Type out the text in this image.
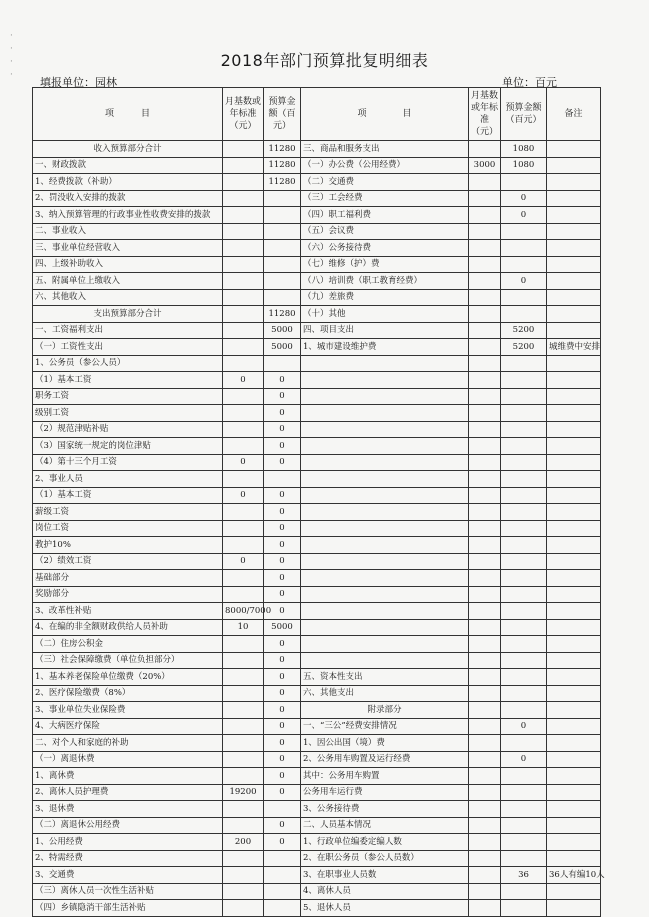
·
·
·
·
2018年部门预算批复明细表
填报单位：园林	单位：百元
项　　　目	月基数或年标准（元）	预算金额（百元）	项　　　　目	月基数或年标准（元）	预算金额（百元）	备注
收入预算部分合计		11280	三、商品和服务支出		1080	
一、财政拨款		11280	（一）办公费（公用经费）	3000	1080	
1、经费拨款（补助）		11280	（二）交通费			
2、罚没收入安排的拨款			（三）工会经费		0	
3、纳入预算管理的行政事业性收费安排的拨款			（四）职工福利费		0	
二、事业收入			（五）会议费			
三、事业单位经营收入			（六）公务接待费			
四、上级补助收入			（七）维修（护）费			
五、附属单位上缴收入			（八）培训费（职工教育经费）		0	
六、其他收入			（九）差旅费			
支出预算部分合计		11280	（十）其他			
一、工资福利支出		5000	四、项目支出		5200	
（一）工资性支出		5000	1、城市建设维护费		5200	城维费中安排
1、公务员（参公人员）						
（1）基本工资	0	0				
职务工资		0				
级别工资		0				
（2）规范津贴补贴		0				
（3）国家统一规定的岗位津贴		0				
（4）第十三个月工资	0	0				
2、事业人员						
（1）基本工资	0	0				
薪级工资		0				
岗位工资		0				
教护10%		0				
（2）绩效工资	0	0				
基础部分		0				
奖励部分		0				
3、改革性补贴	8000/7000	0				
4、在编的非全额财政供给人员补助	10	5000				
（二）住房公积金		0				
（三）社会保障缴费（单位负担部分）		0				
1、基本养老保险单位缴费（20%）		0	五、资本性支出			
2、医疗保险缴费（8%）		0	六、其他支出			
3、事业单位失业保险费		0	附录部分			
4、大病医疗保险		0	一、“三公”经费安排情况		0	
二、对个人和家庭的补助		0	1、因公出国（境）费			
（一）离退休费		0	2、公务用车购置及运行经费		0	
1、离休费		0	其中：公务用车购置			
2、离休人员护理费	19200	0	公务用车运行费			
3、退休费			3、公务接待费			
（二）离退休公用经费		0	二、人员基本情况			
1、公用经费	200	0	1、行政单位编委定编人数			
2、特需经费			2、在职公务员（参公人员数）			
3、交通费			3、在职事业人员数		36	36人有编10人
（三）离休人员一次性生活补贴			4、离休人员			
（四）乡镇隐消干部生活补贴			5、退休人员			
